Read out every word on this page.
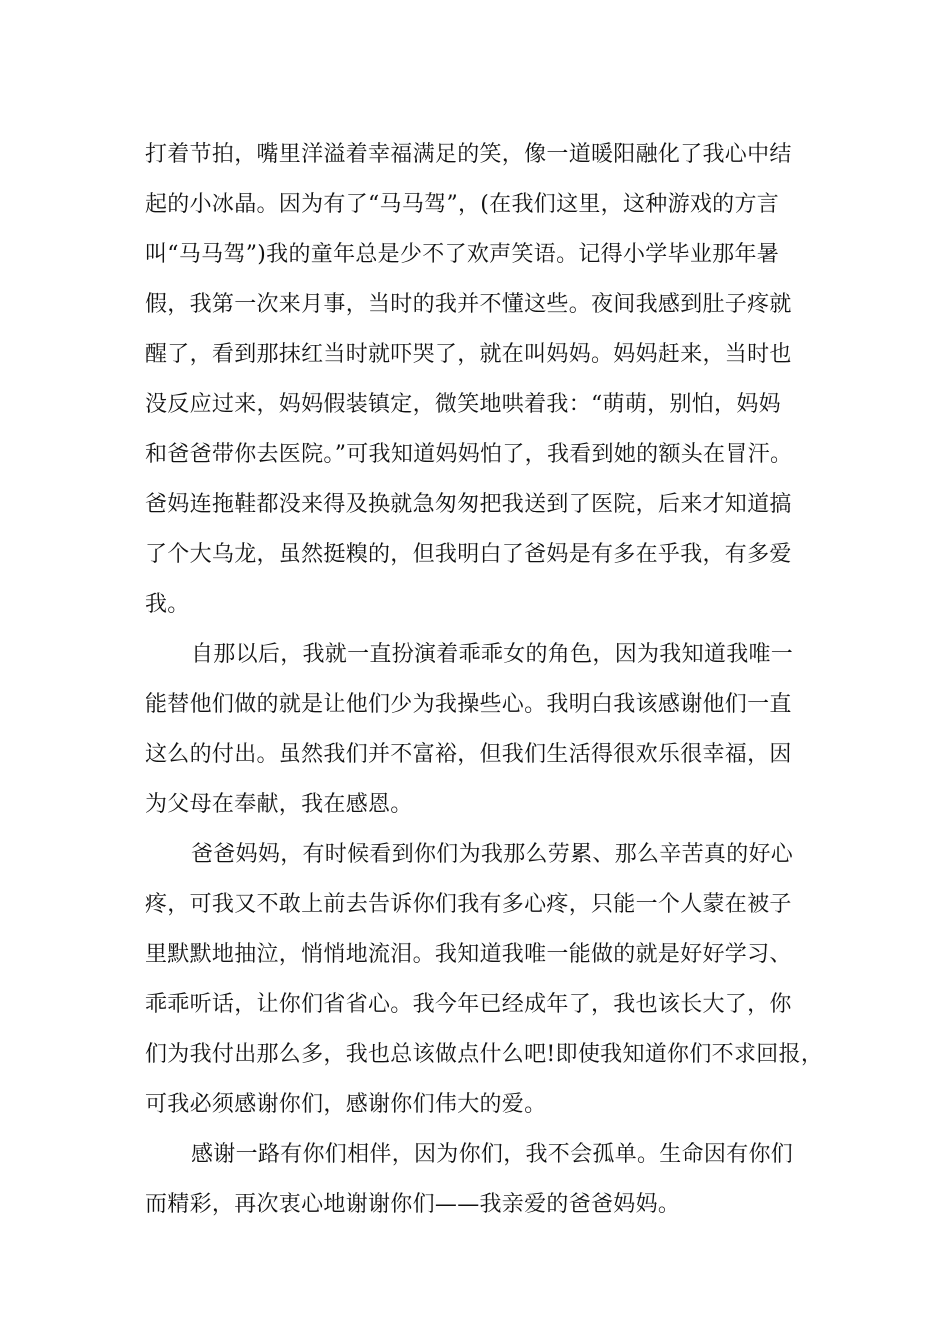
打着节拍，嘴里洋溢着幸福满足的笑，像一道暖阳融化了我心中结
起的小冰晶。因为有了“马马驾”，(在我们这里，这种游戏的方言
叫“马马驾”)我的童年总是少不了欢声笑语。记得小学毕业那年暑
假，我第一次来月事，当时的我并不懂这些。夜间我感到肚子疼就
醒了，看到那抹红当时就吓哭了，就在叫妈妈。妈妈赶来，当时也
没反应过来，妈妈假装镇定，微笑地哄着我：“萌萌，别怕，妈妈
和爸爸带你去医院。”可我知道妈妈怕了，我看到她的额头在冒汗。
爸妈连拖鞋都没来得及换就急匆匆把我送到了医院，后来才知道搞
了个大乌龙，虽然挺糗的，但我明白了爸妈是有多在乎我，有多爱
我。
自那以后，我就一直扮演着乖乖女的角色，因为我知道我唯一
能替他们做的就是让他们少为我操些心。我明白我该感谢他们一直
这么的付出。虽然我们并不富裕，但我们生活得很欢乐很幸福，因
为父母在奉献，我在感恩。
爸爸妈妈，有时候看到你们为我那么劳累、那么辛苦真的好心
疼，可我又不敢上前去告诉你们我有多心疼，只能一个人蒙在被子
里默默地抽泣，悄悄地流泪。我知道我唯一能做的就是好好学习、
乖乖听话，让你们省省心。我今年已经成年了，我也该长大了，你
们为我付出那么多，我也总该做点什么吧!即使我知道你们不求回报，
可我必须感谢你们，感谢你们伟大的爱。
感谢一路有你们相伴，因为你们，我不会孤单。生命因有你们
而精彩，再次衷心地谢谢你们——我亲爱的爸爸妈妈。
